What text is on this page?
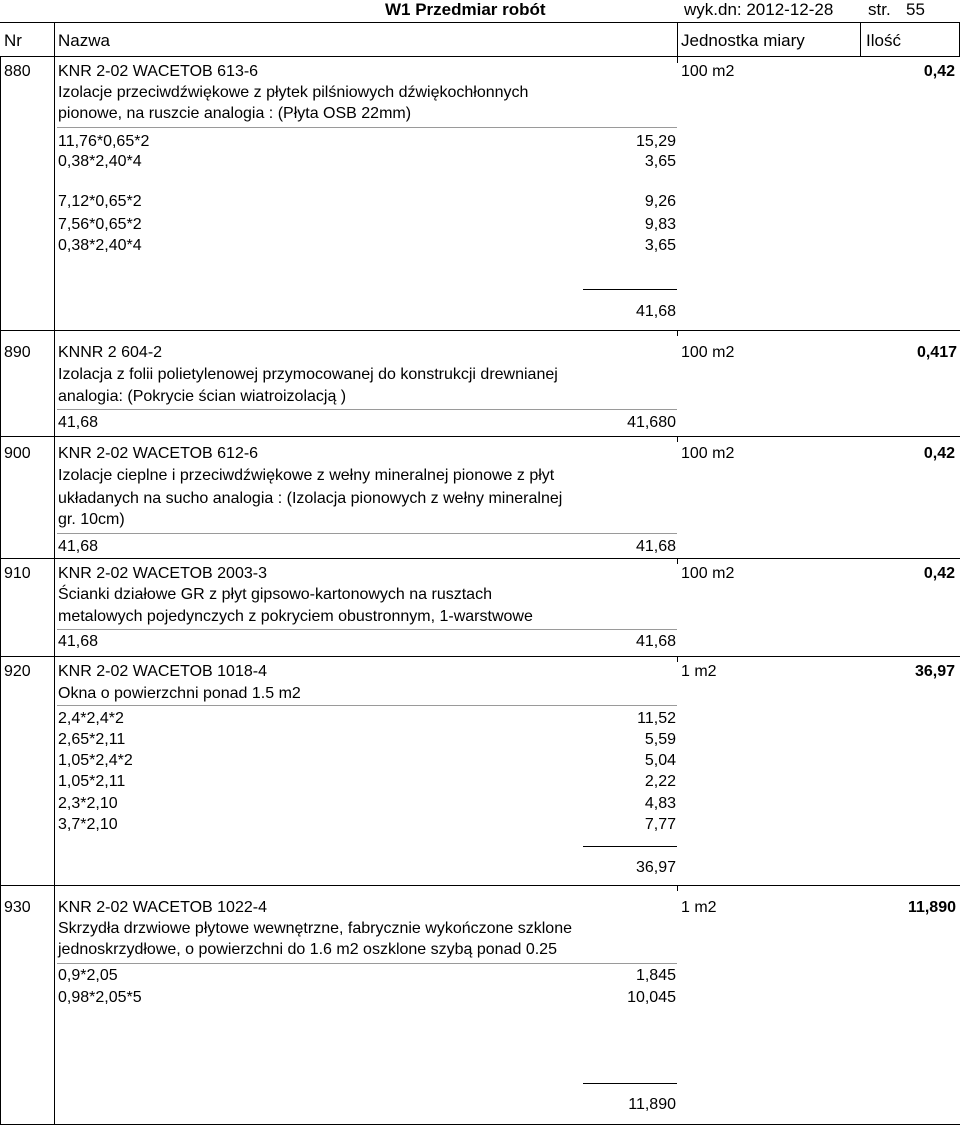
W1 Przedmiar robót	wyk.dn: 2012-12-28 str. 55
Nr Nazwa	Jednostka miary	Ilość
880 KNR 2-02 WACETOB 613-6
Izolacje przeciwdźwiękowe z płytek pilśniowych dźwiękochłonnych
pionowe, na ruszcie analogia : (Płyta OSB 22mm)
100 m2	0,42
11,76*0,65*2	15,29
0,38*2,40*4	3,65
7,12*0,65*2	9,26
7,56*0,65*2	9,83
0,38*2,40*4	3,65
41,68
890 KNNR 2 604-2
Izolacja z folii polietylenowej przymocowanej do konstrukcji drewnianej
analogia: (Pokrycie ścian wiatroizolacją )
100 m2	0,417
41,68	41,680
900 KNR 2-02 WACETOB 612-6
Izolacje cieplne i przeciwdźwiękowe z wełny mineralnej pionowe z płyt
układanych na sucho analogia : (Izolacja pionowych z wełny mineralnej
gr. 10cm)
100 m2	0,42
41,68	41,68
910 KNR 2-02 WACETOB 2003-3
Ścianki działowe GR z płyt gipsowo-kartonowych na rusztach
metalowych pojedynczych z pokryciem obustronnym, 1-warstwowe
100 m2	0,42
41,68	41,68
920 KNR 2-02 WACETOB 1018-4
Okna o powierzchni ponad 1.5 m2
1 m2	36,97
2,4*2,4*2	11,52
2,65*2,11	5,59
1,05*2,4*2	5,04
1,05*2,11	2,22
2,3*2,10	4,83
3,7*2,10	7,77
36,97
930 KNR 2-02 WACETOB 1022-4
Skrzydła drzwiowe płytowe wewnętrzne, fabrycznie wykończone szklone
jednoskrzydłowe, o powierzchni do 1.6 m2 oszklone szybą ponad 0.25
1 m2	11,890
0,9*2,05	1,845
0,98*2,05*5	10,045
11,890
